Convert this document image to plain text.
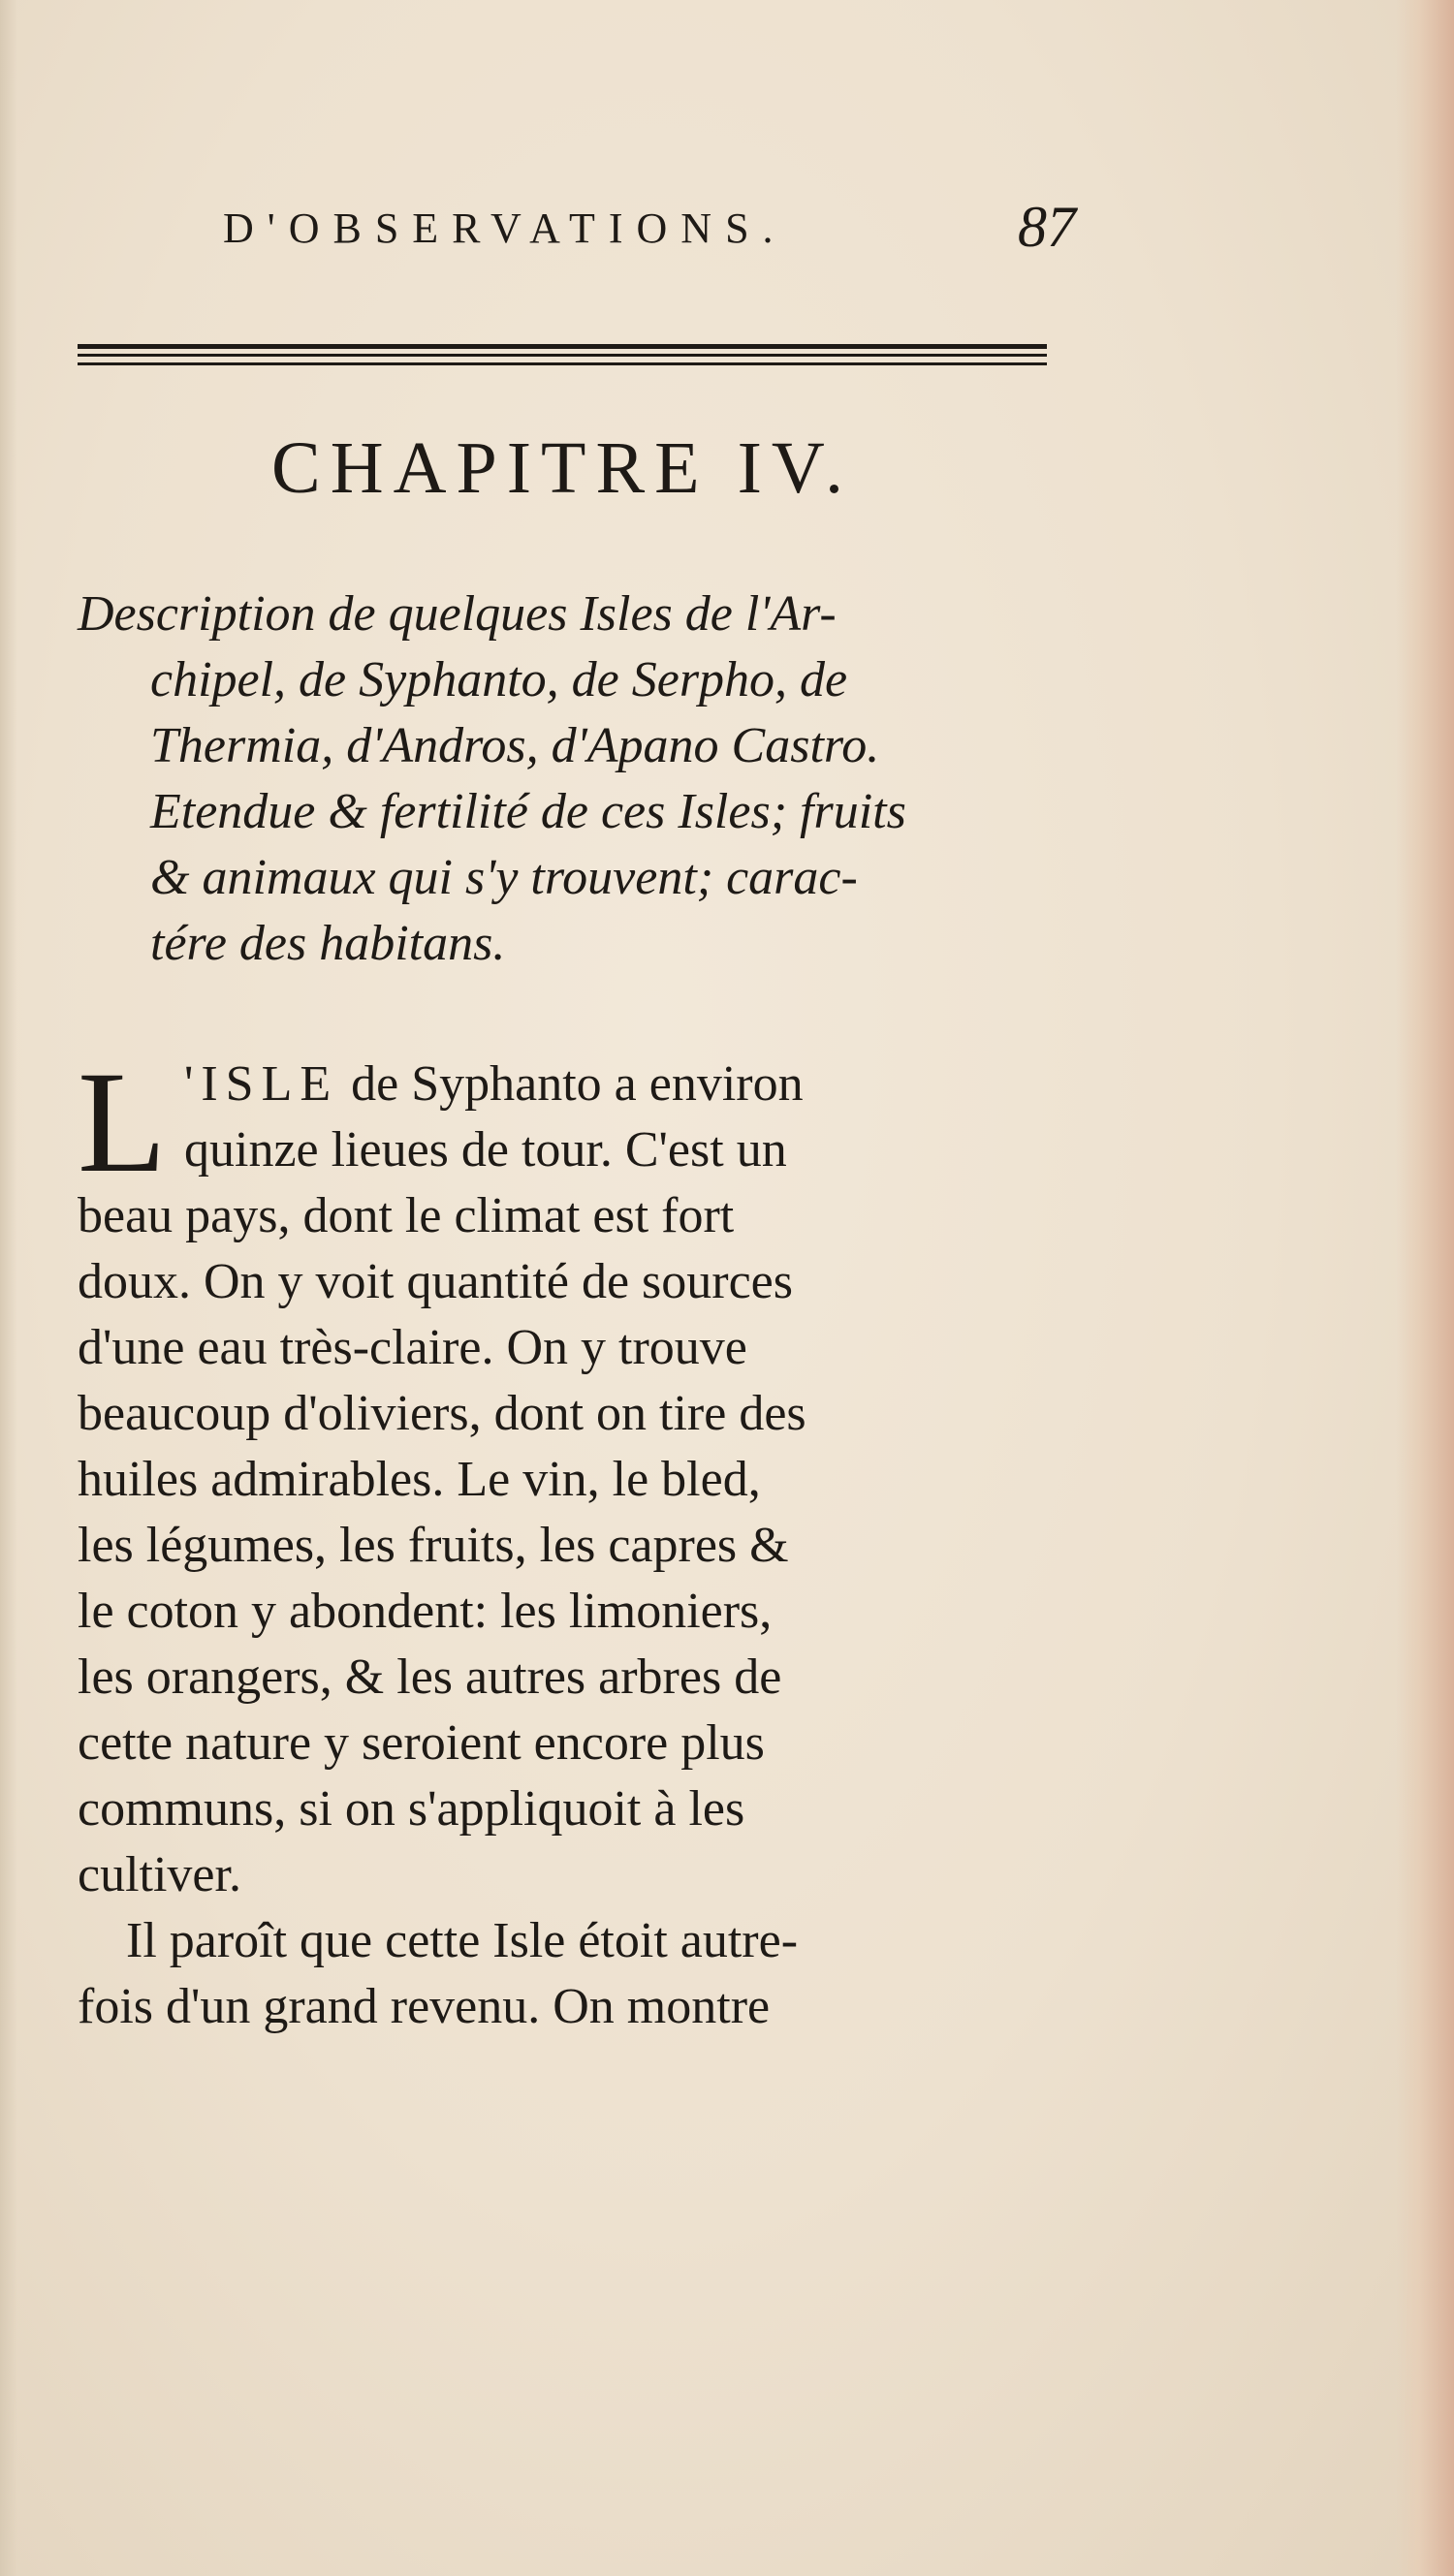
D'OBSERVATIONS.	87
CHAPITRE IV.
Description de quelques Isles de l'Ar-
chipel, de Syphanto, de Serpho, de
Thermia, d'Andros, d'Apano Castro.
Etendue & fertilité de ces Isles; fruits
& animaux qui s'y trouvent; carac-
tére des habitans.
L 'ISLE de Syphanto a environ
quinze lieues de tour. C'est un
beau pays, dont le climat est fort
doux. On y voit quantité de sources
d'une eau très-claire. On y trouve
beaucoup d'oliviers, dont on tire des
huiles admirables. Le vin, le bled,
les légumes, les fruits, les capres &
le coton y abondent: les limoniers,
les orangers, & les autres arbres de
cette nature y seroient encore plus
communs, si on s'appliquoit à les
cultiver.
Il paroît que cette Isle étoit autre-
fois d'un grand revenu. On montre
